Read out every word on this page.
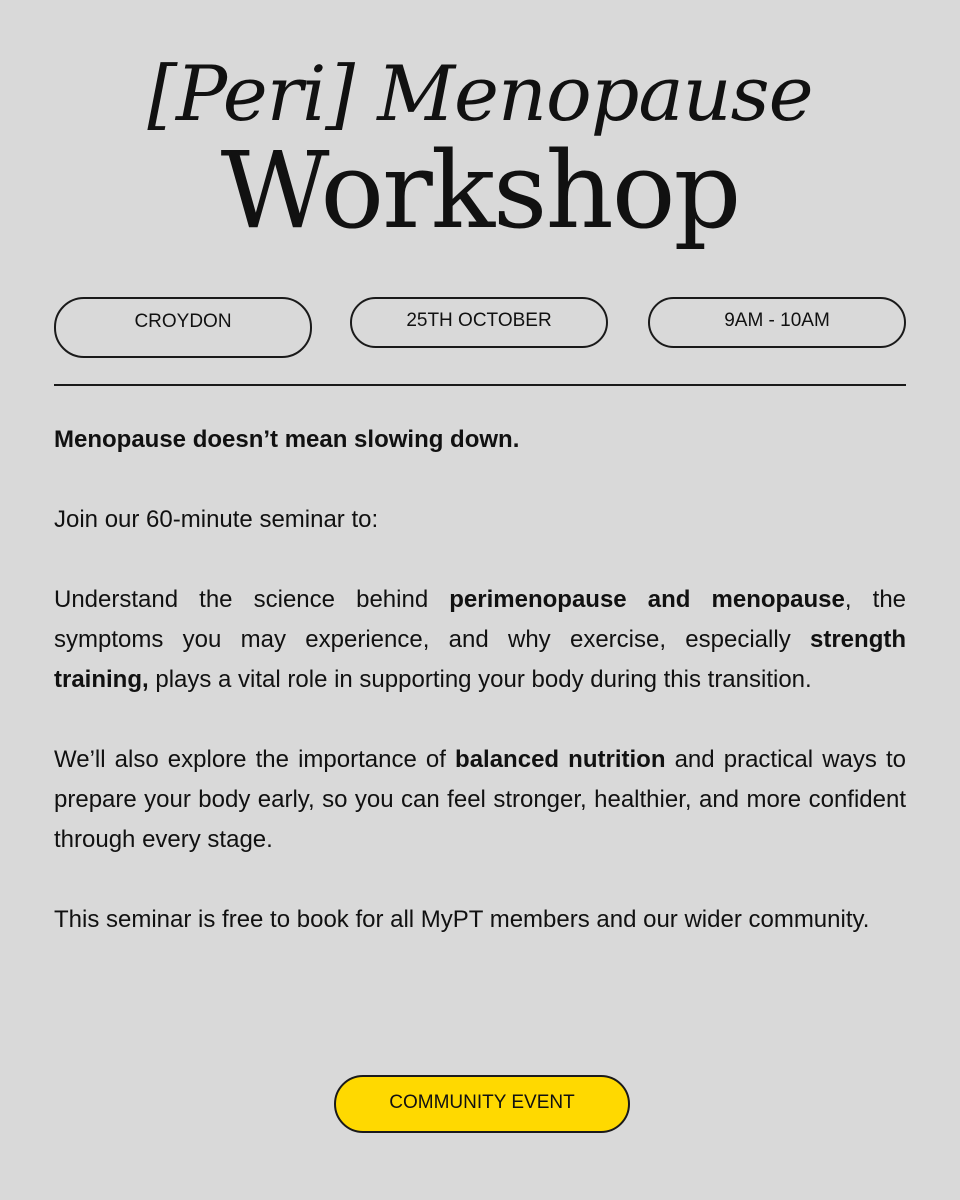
[Peri] Menopause
Workshop
CROYDON	25TH OCTOBER	9AM - 10AM

Menopause doesn’t mean slowing down.

Join our 60-minute seminar to:

Understand the science behind perimenopause and menopause, the symptoms you may experience, and why exercise, especially strength training, plays a vital role in supporting your body during this transition.

We’ll also explore the importance of balanced nutrition and practical ways to prepare your body early, so you can feel stronger, healthier, and more confident through every stage.

This seminar is free to book for all MyPT members and our wider community.

COMMUNITY EVENT
